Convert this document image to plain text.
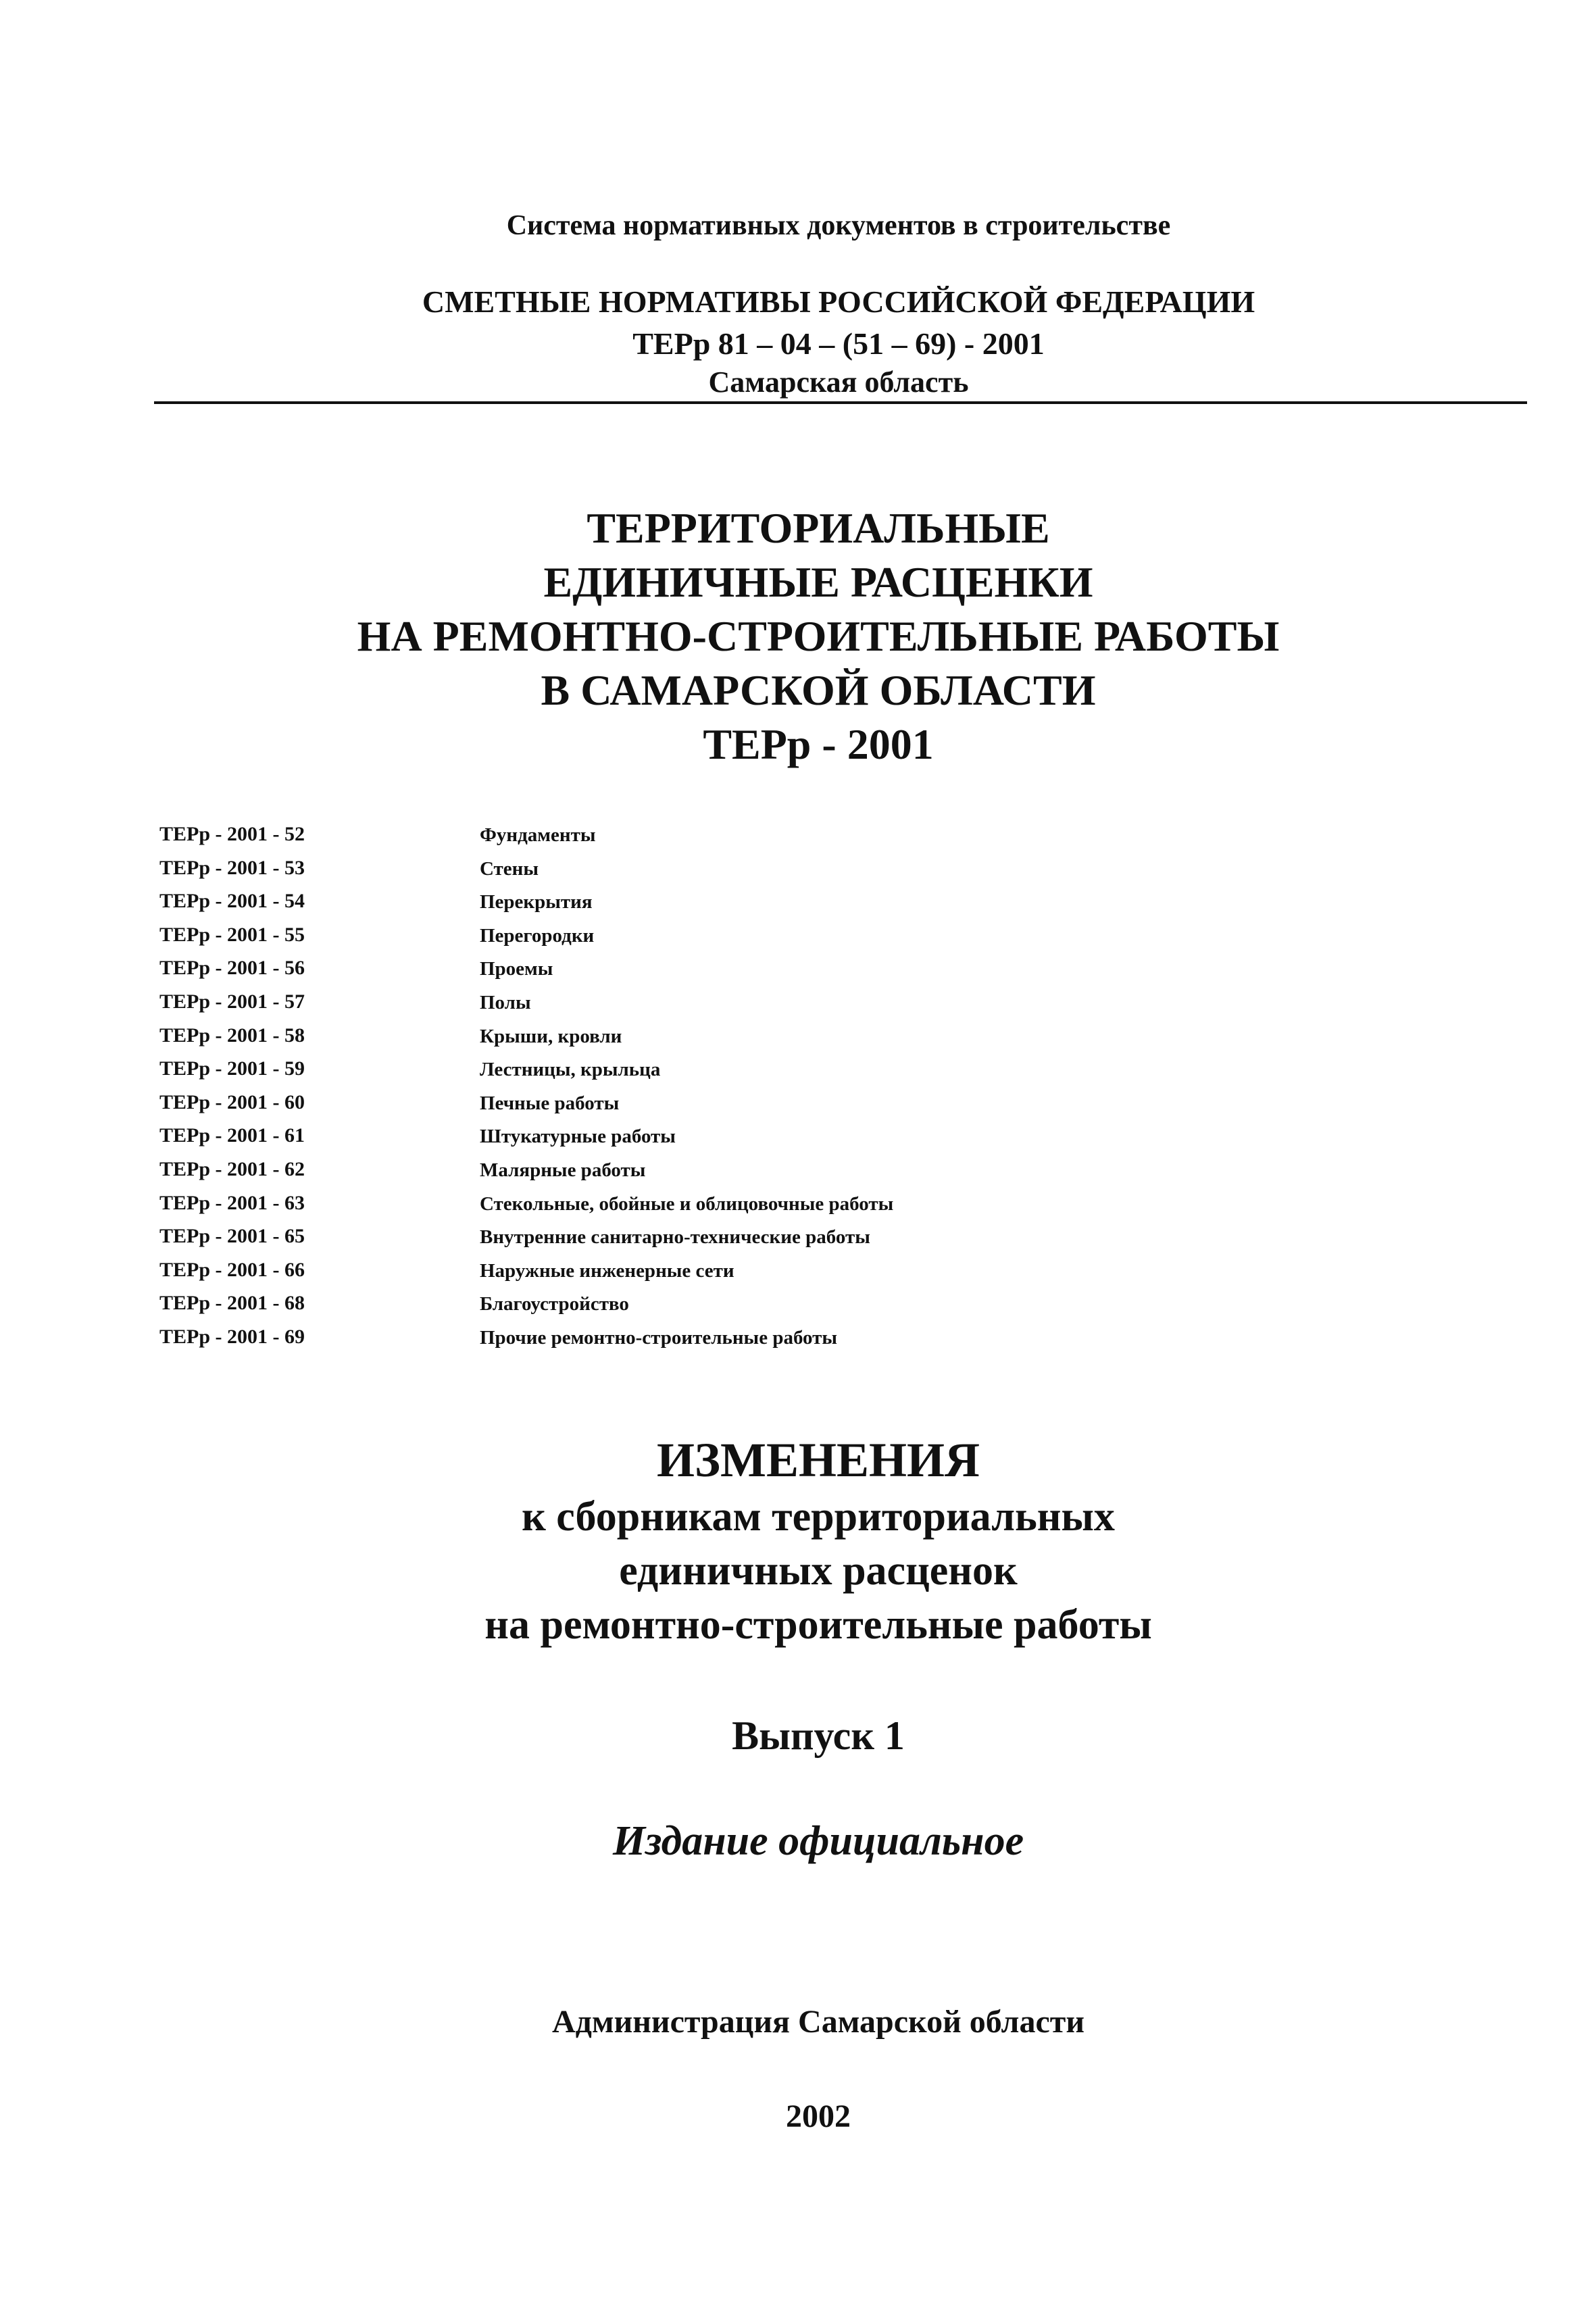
Система нормативных документов в строительстве

СМЕТНЫЕ НОРМАТИВЫ РОССИЙСКОЙ ФЕДЕРАЦИИ

ТЕРр 81 – 04 – (51 – 69) - 2001

Самарская область

ТЕРРИТОРИАЛЬНЫЕ

ЕДИНИЧНЫЕ РАСЦЕНКИ

НА РЕМОНТНО-СТРОИТЕЛЬНЫЕ РАБОТЫ

В САМАРСКОЙ ОБЛАСТИ

ТЕРр - 2001

ТЕРр - 2001 - 52	Фундаменты
ТЕРр - 2001 - 53	Стены
ТЕРр - 2001 - 54	Перекрытия
ТЕРр - 2001 - 55	Перегородки
ТЕРр - 2001 - 56	Проемы
ТЕРр - 2001 - 57	Полы
ТЕРр - 2001 - 58	Крыши, кровли
ТЕРр - 2001 - 59	Лестницы, крыльца
ТЕРр - 2001 - 60	Печные работы
ТЕРр - 2001 - 61	Штукатурные работы
ТЕРр - 2001 - 62	Малярные работы
ТЕРр - 2001 - 63	Стекольные, обойные и облицовочные работы
ТЕРр - 2001 - 65	Внутренние санитарно-технические работы
ТЕРр - 2001 - 66	Наружные инженерные сети
ТЕРр - 2001 - 68	Благоустройство
ТЕРр - 2001 - 69	Прочие ремонтно-строительные работы

ИЗМЕНЕНИЯ

к сборникам территориальных

единичных расценок

на ремонтно-строительные работы

Выпуск 1

Издание официальное

Администрация Самарской области

2002
